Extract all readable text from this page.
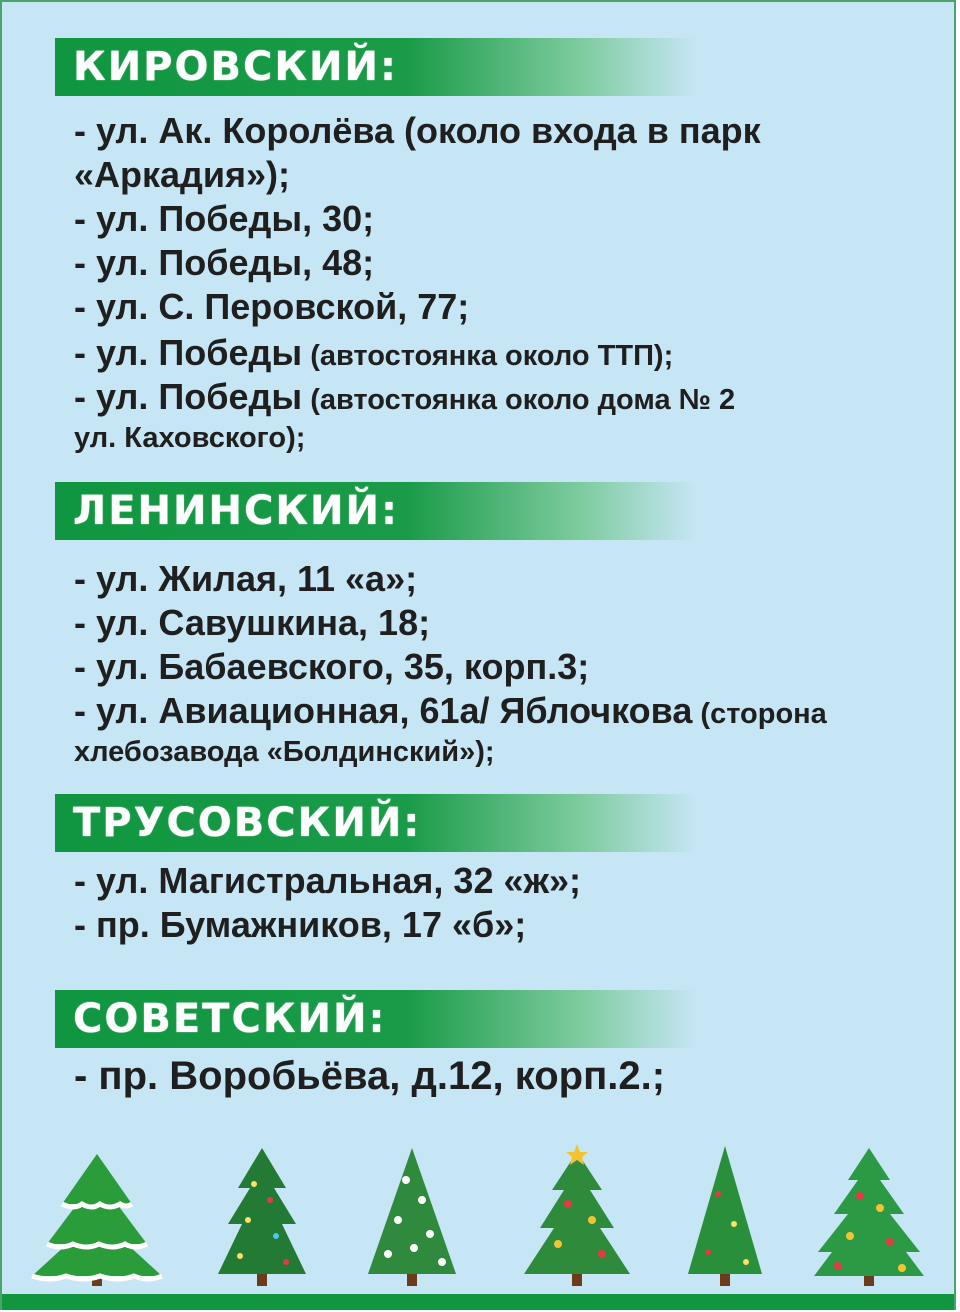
КИРОВСКИЙ:
- ул. Ак. Королёва (около входа в парк
«Аркадия»);
- ул. Победы, 30;
- ул. Победы, 48;
- ул. С. Перовской, 77;
- ул. Победы (автостоянка около ТТП);
- ул. Победы (автостоянка около дома № 2
ул. Каховского);
ЛЕНИНСКИЙ:
- ул. Жилая, 11 «а»;
- ул. Савушкина, 18;
- ул. Бабаевского, 35, корп.3;
- ул. Авиационная, 61а/ Яблочкова (сторона
хлебозавода «Болдинский»);
ТРУСОВСКИЙ:
- ул. Магистральная, 32 «ж»;
- пр. Бумажников, 17 «б»;
СОВЕТСКИЙ:
- пр. Воробьёва, д.12, корп.2.;
